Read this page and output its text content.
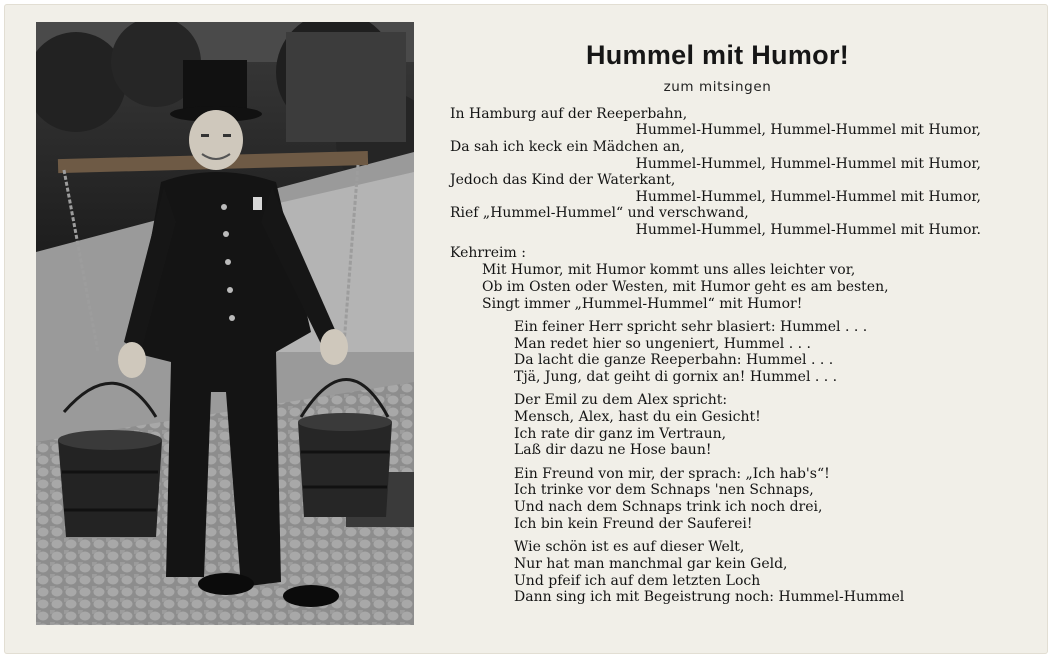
Hummel mit Humor!
zum mitsingen
In Hamburg auf der Reeperbahn,
Hummel-Hummel, Hummel-Hummel mit Humor,
Da sah ich keck ein Mädchen an,
Hummel-Hummel, Hummel-Hummel mit Humor,
Jedoch das Kind der Waterkant,
Hummel-Hummel, Hummel-Hummel mit Humor,
Rief „Hummel-Hummel“ und verschwand,
Hummel-Hummel, Hummel-Hummel mit Humor.
Kehrreim :
Mit Humor, mit Humor kommt uns alles leichter vor,
Ob im Osten oder Westen, mit Humor geht es am besten,
Singt immer „Hummel-Hummel“ mit Humor!
Ein feiner Herr spricht sehr blasiert: Hummel . . .
Man redet hier so ungeniert, Hummel . . .
Da lacht die ganze Reeperbahn: Hummel . . .
Tjä, Jung, dat geiht di gornix an! Hummel . . .
Der Emil zu dem Alex spricht:
Mensch, Alex, hast du ein Gesicht!
Ich rate dir ganz im Vertraun,
Laß dir dazu ne Hose baun!
Ein Freund von mir, der sprach: „Ich hab's“!
Ich trinke vor dem Schnaps 'nen Schnaps,
Und nach dem Schnaps trink ich noch drei,
Ich bin kein Freund der Sauferei!
Wie schön ist es auf dieser Welt,
Nur hat man manchmal gar kein Geld,
Und pfeif ich auf dem letzten Loch
Dann sing ich mit Begeistrung noch: Hummel-Hummel
